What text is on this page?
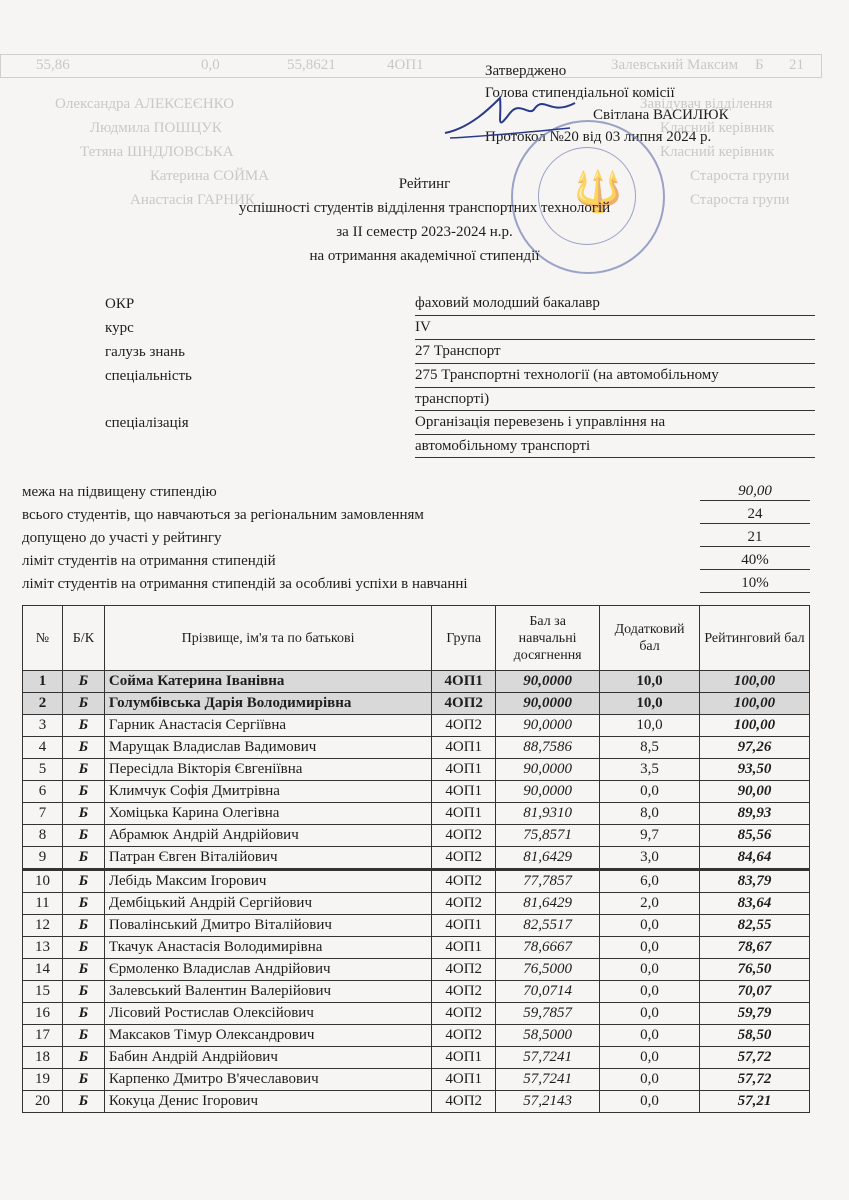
21
Б
Залевський Максим
4ОП1
55,8621
0,0
55,86
Завідувач відділення
Олександра АЛЕКСЕЄНКО
Класний керівник
Людмила ПОШЦУК
Класний керівник
Тетяна ШНДЛОВСЬКА
Староста групи
Катерина СОЙМА
Староста групи
Анастасія ГАРНИК
Затверджено
Голова стипендіальної комісії
Світлана ВАСИЛЮК
Протокол №20 від 03 липня 2024 р.
🔱
Рейтинг
успішності студентів відділення транспортних технологій
за II семестр 2023-2024 н.р.
на отримання академічної стипендії
ОКР	фаховий молодший бакалавр
курс	IV
галузь знань	27 Транспорт
спеціальність	275 Транспортні технології (на автомобільному
транспорті)
спеціалізація	Організація перевезень і управління на
автомобільному транспорті
межа на підвищену стипендію	90,00
всього студентів, що навчаються за регіональним замовленням	24
допущено до участі у рейтингу	21
ліміт студентів на отримання стипендій	40%
ліміт студентів на отримання стипендій за особливі успіхи в навчанні	10%
№	Б/К	Прізвище, ім'я та по батькові	Група	Бал за навчальні досягнення	Додатковий бал	Рейтинговий бал
1	Б	Сойма Катерина Іванівна	4ОП1	90,0000	10,0	100,00
2	Б	Голумбівська Дарія Володимирівна	4ОП2	90,0000	10,0	100,00
3	Б	Гарник Анастасія Сергіївна	4ОП2	90,0000	10,0	100,00
4	Б	Марущак Владислав Вадимович	4ОП1	88,7586	8,5	97,26
5	Б	Пересідла Вікторія Євгеніївна	4ОП1	90,0000	3,5	93,50
6	Б	Климчук Софія Дмитрівна	4ОП1	90,0000	0,0	90,00
7	Б	Хоміцька Карина Олегівна	4ОП1	81,9310	8,0	89,93
8	Б	Абрамюк Андрій Андрійович	4ОП2	75,8571	9,7	85,56
9	Б	Патран Євген Віталійович	4ОП2	81,6429	3,0	84,64
10	Б	Лебідь Максим Ігорович	4ОП2	77,7857	6,0	83,79
11	Б	Дембіцький Андрій Сергійович	4ОП2	81,6429	2,0	83,64
12	Б	Повалінський Дмитро Віталійович	4ОП1	82,5517	0,0	82,55
13	Б	Ткачук Анастасія Володимирівна	4ОП1	78,6667	0,0	78,67
14	Б	Єрмоленко Владислав Андрійович	4ОП2	76,5000	0,0	76,50
15	Б	Залевський Валентин Валерійович	4ОП2	70,0714	0,0	70,07
16	Б	Лісовий Ростислав Олексійович	4ОП2	59,7857	0,0	59,79
17	Б	Максаков Тімур Олександрович	4ОП2	58,5000	0,0	58,50
18	Б	Бабин Андрій Андрійович	4ОП1	57,7241	0,0	57,72
19	Б	Карпенко Дмитро В'ячеславович	4ОП1	57,7241	0,0	57,72
20	Б	Кокуца Денис Ігорович	4ОП2	57,2143	0,0	57,21
